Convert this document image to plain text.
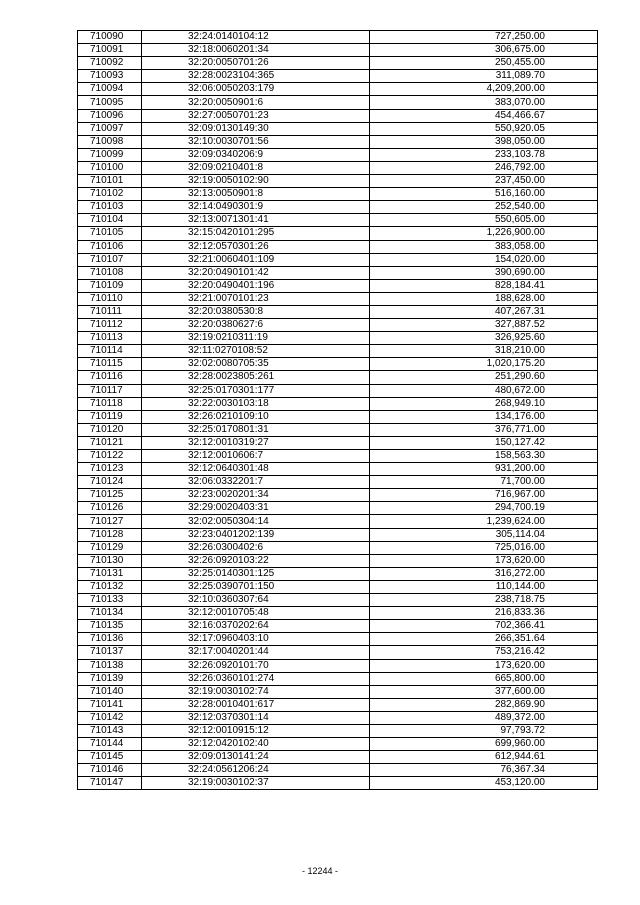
710090	32:24:0140104:12	727,250.00
710091	32:18:0060201:34	306,675.00
710092	32:20:0050701:26	250,455.00
710093	32:28:0023104:365	311,089.70
710094	32:06:0050203:179	4,209,200.00
710095	32:20:0050901:6	383,070.00
710096	32:27:0050701:23	454,466.67
710097	32:09:0130149:30	550,920.05
710098	32:10:0030701:56	398,050.00
710099	32:09:0340206:9	233,103.78
710100	32:09:0210401:8	246,792.00
710101	32:19:0050102:90	237,450.00
710102	32:13:0050901:8	516,160.00
710103	32:14:0490301:9	252,540.00
710104	32:13:0071301:41	550,605.00
710105	32:15:0420101:295	1,226,900.00
710106	32:12:0570301:26	383,058.00
710107	32:21:0060401:109	154,020.00
710108	32:20:0490101:42	390,690.00
710109	32:20:0490401:196	828,184.41
710110	32:21:0070101:23	188,628.00
710111	32:20:0380530:8	407,267.31
710112	32:20:0380627:6	327,887.52
710113	32:19:0210311:19	326,925.60
710114	32:11:0270108:52	318,210.00
710115	32:02:0080705:35	1,020,175.20
710116	32:28:0023805:261	251,290.60
710117	32:25:0170301:177	480,672.00
710118	32:22:0030103:18	268,949.10
710119	32:26:0210109:10	134,176.00
710120	32:25:0170801:31	376,771.00
710121	32:12:0010319:27	150,127.42
710122	32:12:0010606:7	158,563.30
710123	32:12:0640301:48	931,200.00
710124	32:06:0332201:7	71,700.00
710125	32:23:0020201:34	716,967.00
710126	32:29:0020403:31	294,700.19
710127	32:02:0050304:14	1,239,624.00
710128	32:23:0401202:139	305,114.04
710129	32:26:0300402:6	725,016.00
710130	32:26:0920103:22	173,620.00
710131	32:25:0140301:125	316,272.00
710132	32:25:0390701:150	110,144.00
710133	32:10:0360307:64	238,718.75
710134	32:12:0010705:48	216,833.36
710135	32:16:0370202:64	702,366.41
710136	32:17:0960403:10	266,351.64
710137	32:17:0040201:44	753,216.42
710138	32:26:0920101:70	173,620.00
710139	32:26:0360101:274	665,800.00
710140	32:19:0030102:74	377,600.00
710141	32:28:0010401:617	282,869.90
710142	32:12:0370301:14	489,372.00
710143	32:12:0010915:12	97,793.72
710144	32:12:0420102:40	699,960.00
710145	32:09:0130141:24	612,944.61
710146	32:24:0561206:24	76,367.34
710147	32:19:0030102:37	453,120.00
- 12244 -
